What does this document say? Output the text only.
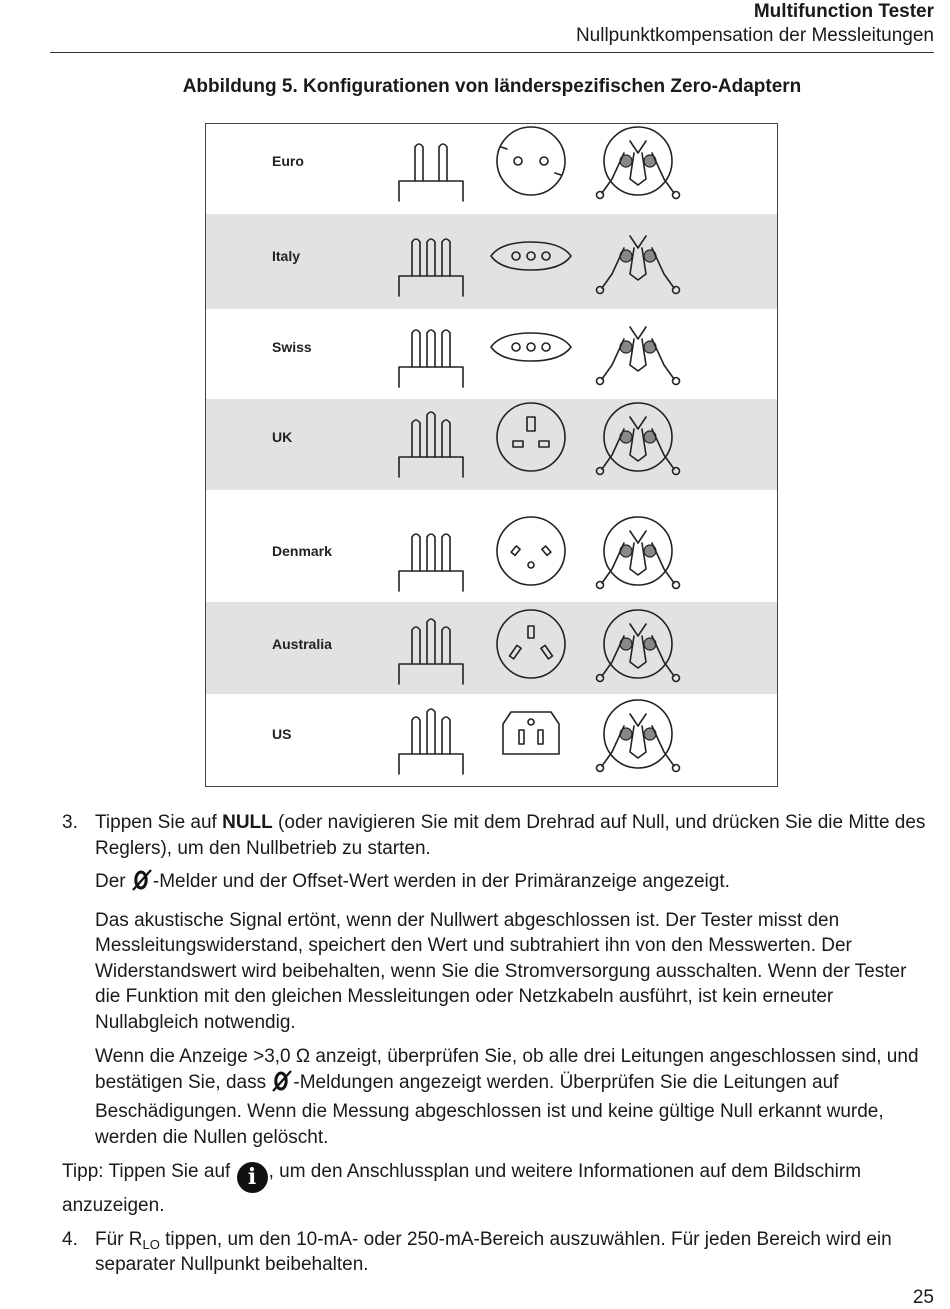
Multifunction Tester
Nullpunktkompensation der Messleitungen
Abbildung 5. Konfigurationen von länderspezifischen Zero-Adaptern
Euro
Italy
Swiss
UK
Denmark
Australia
US
3. Tippen Sie auf NULL (oder navigieren Sie mit dem Drehrad auf Null, und drücken Sie die Mitte des Reglers), um den Nullbetrieb zu starten.
Der -Melder und der Offset-Wert werden in der Primäranzeige angezeigt.
Das akustische Signal ertönt, wenn der Nullwert abgeschlossen ist. Der Tester misst den Messleitungswiderstand, speichert den Wert und subtrahiert ihn von den Messwerten. Der Widerstandswert wird beibehalten, wenn Sie die Stromversorgung ausschalten. Wenn der Tester die Funktion mit den gleichen Messleitungen oder Netzkabeln ausführt, ist kein erneuter Nullabgleich notwendig.
Wenn die Anzeige >3,0 Ω anzeigt, überprüfen Sie, ob alle drei Leitungen angeschlossen sind, und bestätigen Sie, dass -Meldungen angezeigt werden. Überprüfen Sie die Leitungen auf Beschädigungen. Wenn die Messung abgeschlossen ist und keine gültige Null erkannt wurde, werden die Nullen gelöscht.
Tipp: Tippen Sie auf i , um den Anschlussplan und weitere Informationen auf dem Bildschirm anzuzeigen.
4. Für $R_{LO}$ tippen, um den 10-mA- oder 250-mA-Bereich auszuwählen. Für jeden Bereich wird ein separater Nullpunkt beibehalten.
25
